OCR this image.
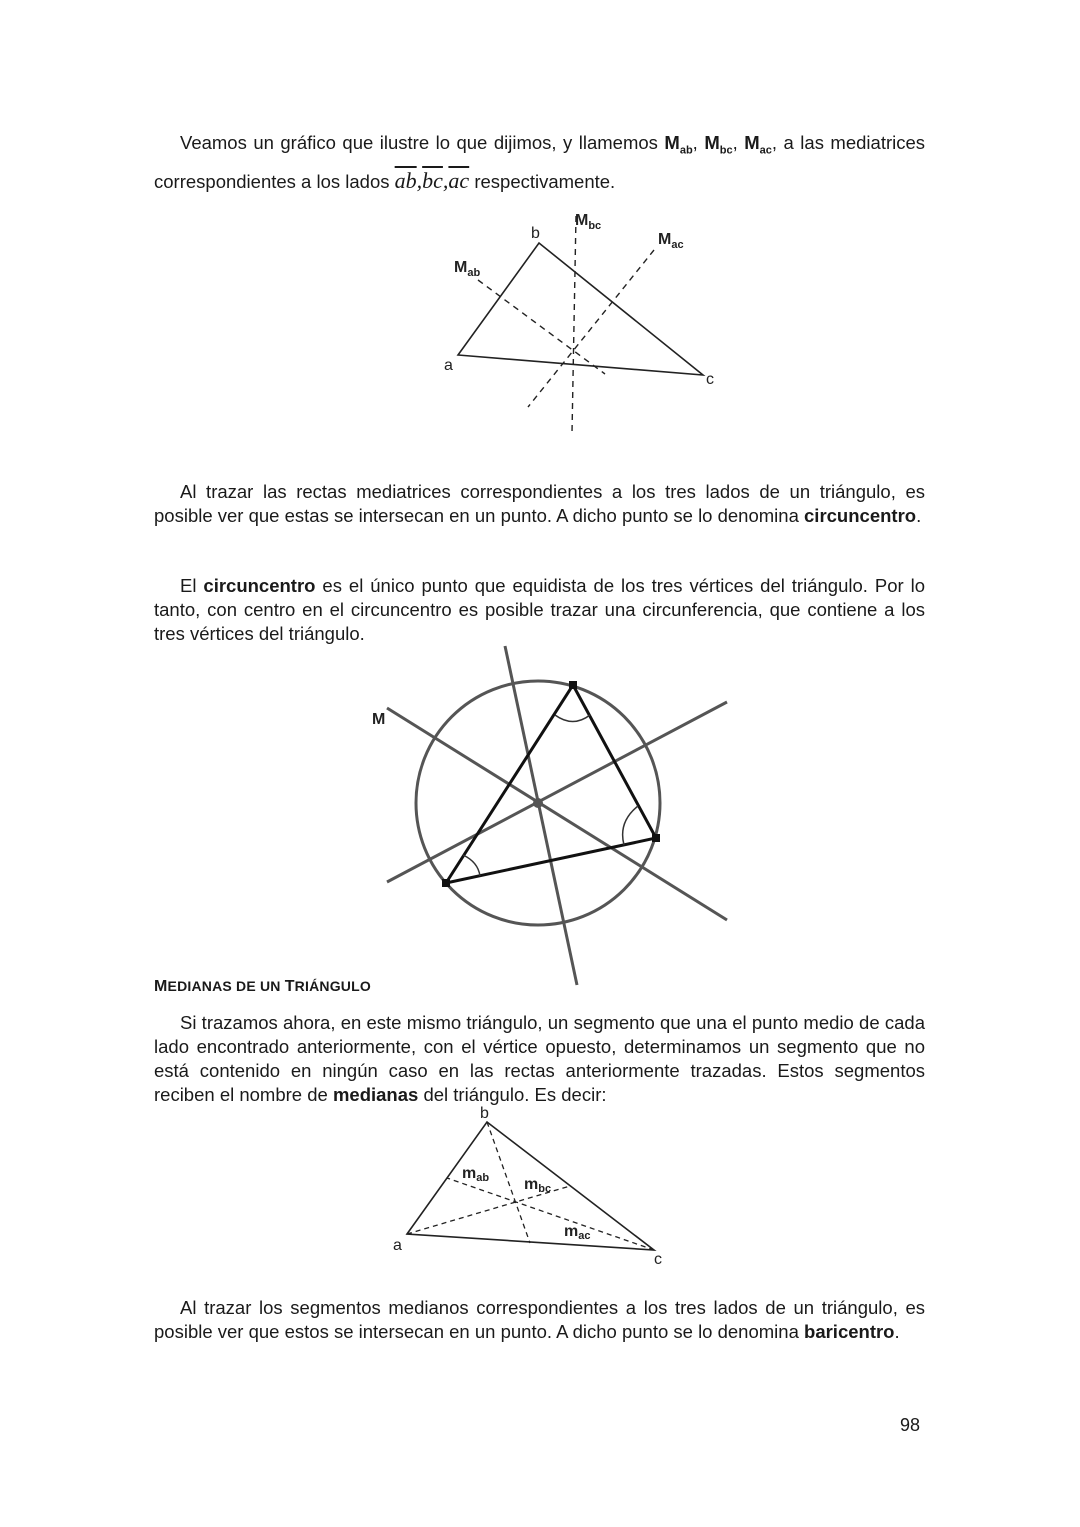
Veamos un gráfico que ilustre lo que dijimos, y llamemos $M_{ab}$, $M_{bc}$, $M_{ac}$, a las mediatrices correspondientes a los lados $\overline{ab},\overline{bc},\overline{ac}$ respectivamente.
a
b
c
$M_{ab}$
$M_{bc}$
$M_{ac}$
Al trazar las rectas mediatrices correspondientes a los tres lados de un triángulo, es posible ver que estas se intersecan en un punto. A dicho punto se lo denomina circuncentro.
El circuncentro es el único punto que equidista de los tres vértices del triángulo. Por lo tanto, con centro en el circuncentro es posible trazar una circunferencia, que contiene a los tres vértices del triángulo.
M
MEDIANAS DE UN TRIÁNGULO
Si trazamos ahora, en este mismo triángulo, un segmento que una el punto medio de cada lado encontrado anteriormente, con el vértice opuesto, determinamos un segmento que no está contenido en ningún caso en las rectas anteriormente trazadas. Estos segmentos reciben el nombre de medianas del triángulo. Es decir:
a
b
c
mab mbc
mac
Al trazar los segmentos medianos correspondientes a los tres lados de un triángulo, es posible ver que estos se intersecan en un punto. A dicho punto se lo denomina baricentro.
98
